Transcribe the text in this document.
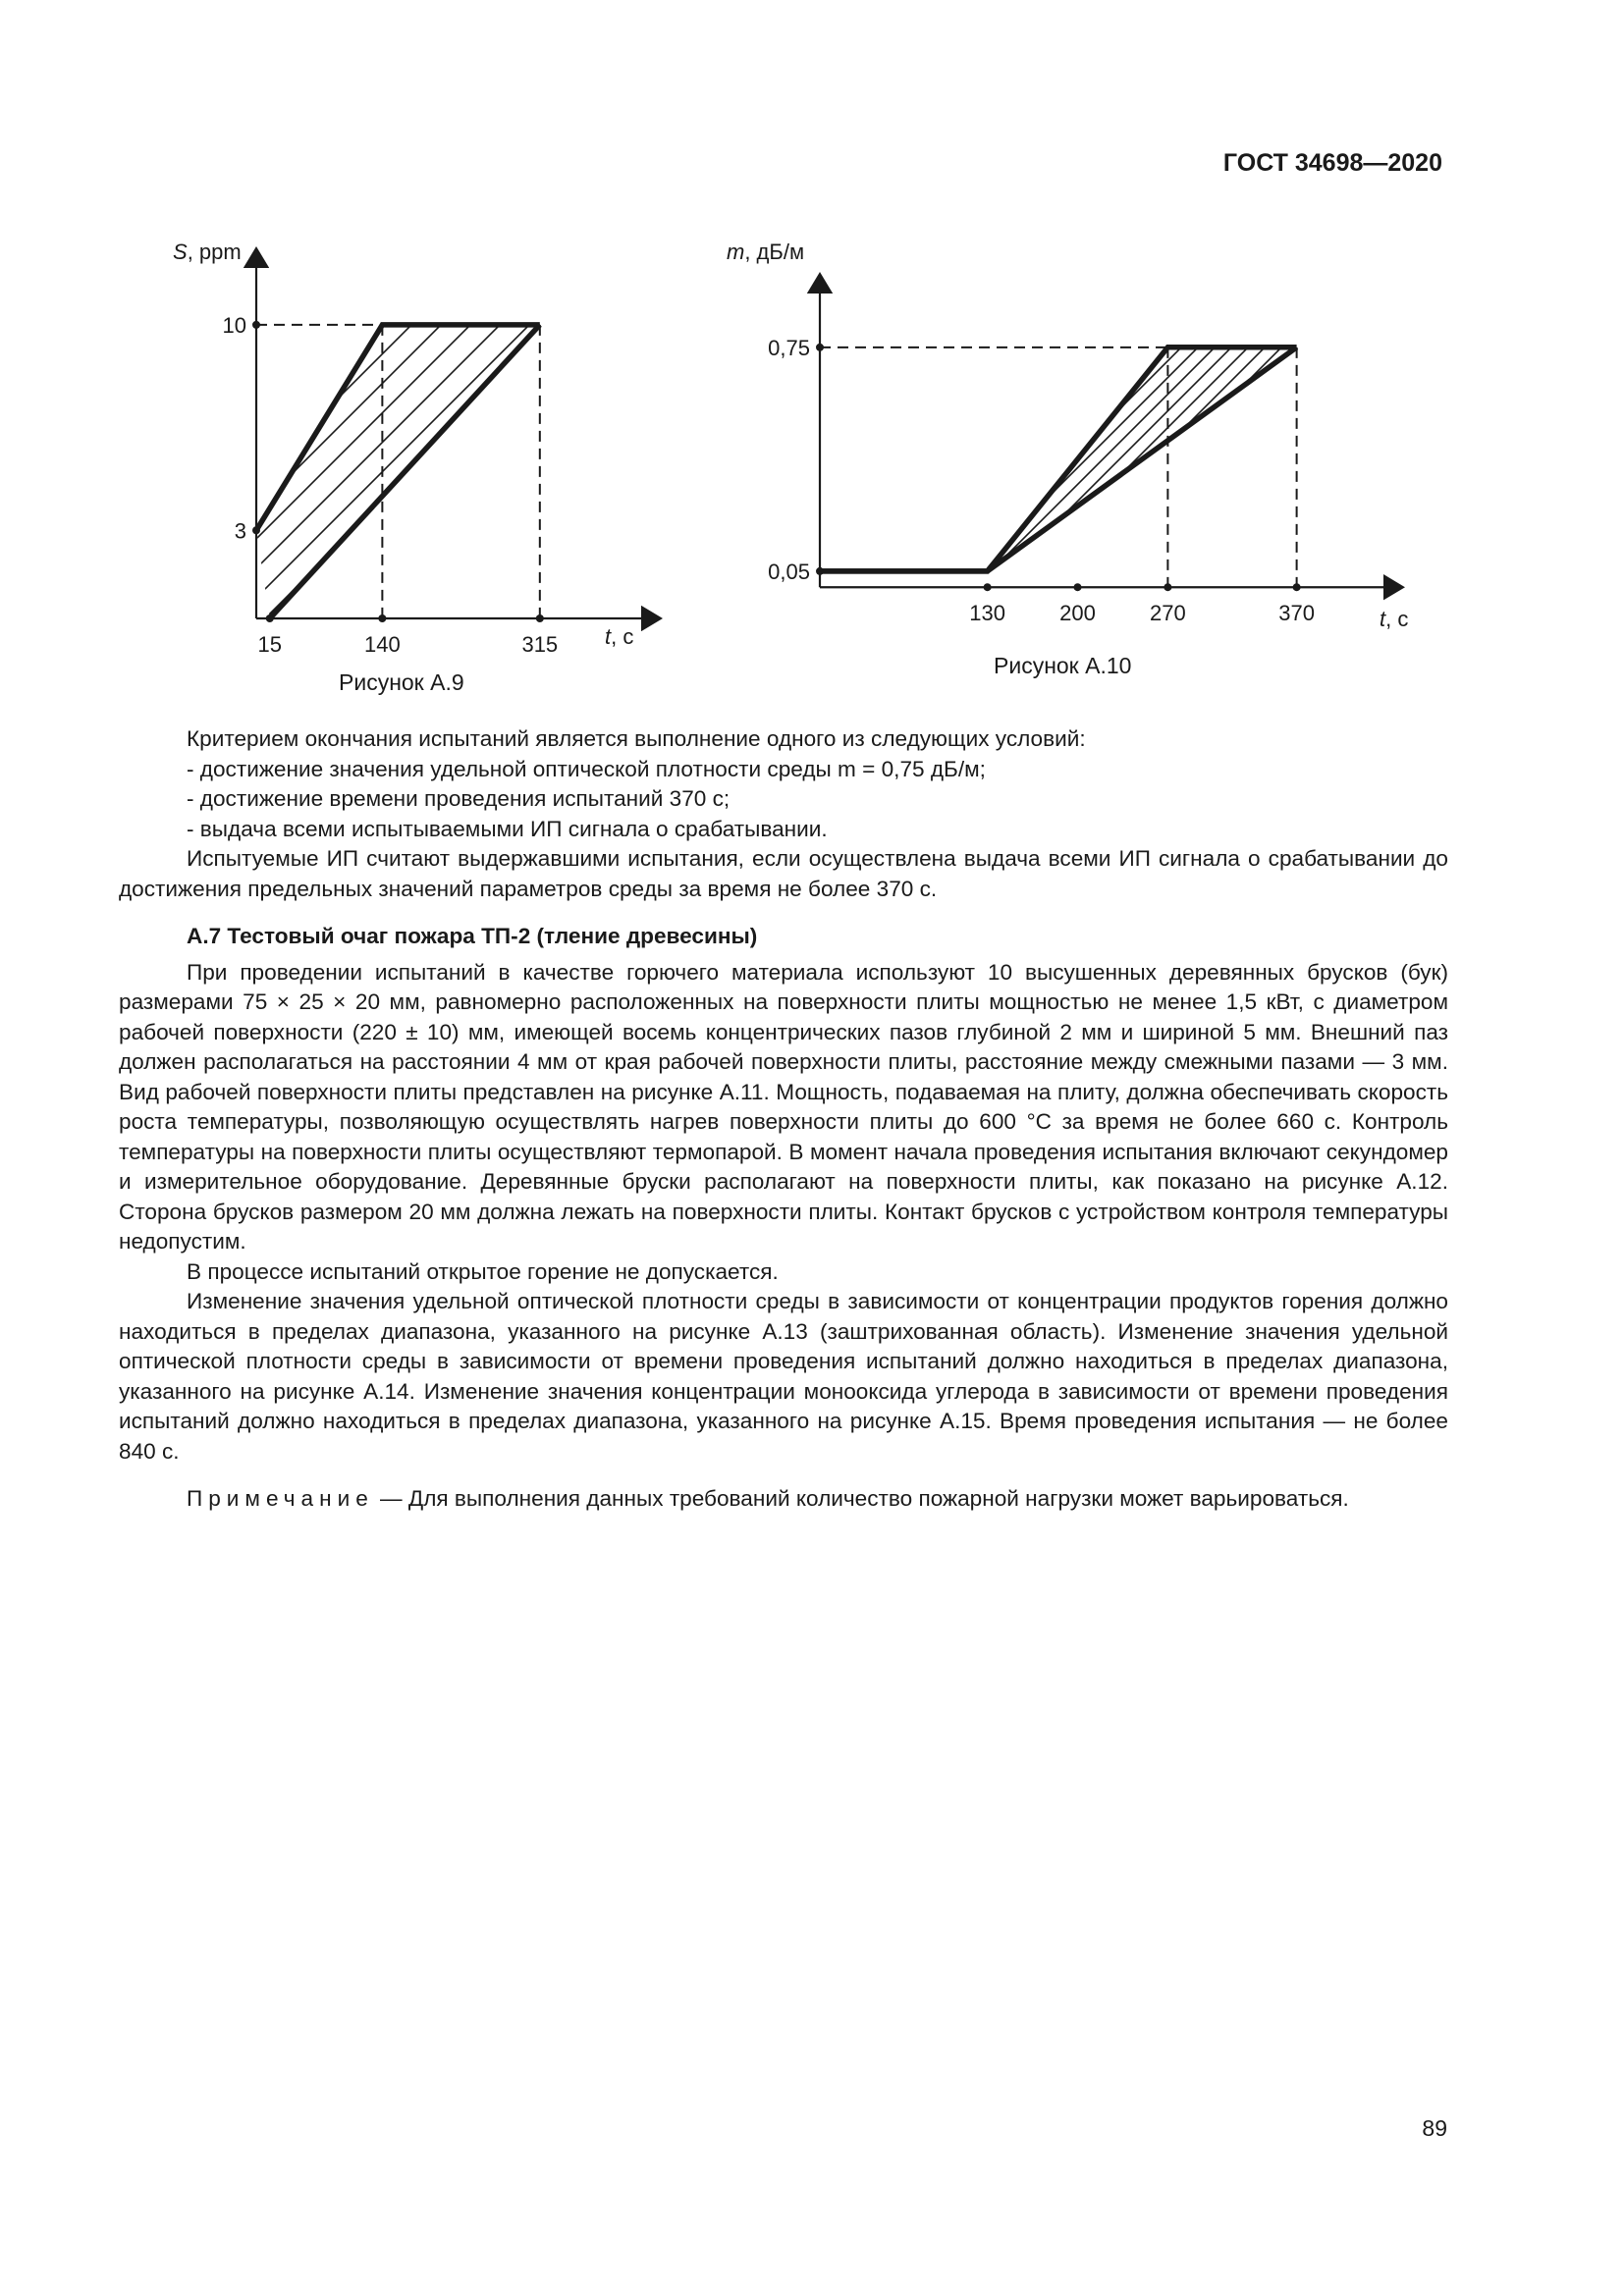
ГОСТ 34698—2020
3
10
15	140	315
S, ppm
t, с
Рисунок А.9
0,05
0,75
130	200	270	370
m, дБ/м
t, с
Рисунок А.10

Критерием окончания испытаний является выполнение одного из следующих условий:

- достижение значения удельной оптической плотности среды m = 0,75 дБ/м;

- достижение времени проведения испытаний 370 с;

- выдача всеми испытываемыми ИП сигнала о срабатывании.

Испытуемые ИП считают выдержавшими испытания, если осуществлена выдача всеми ИП сигнала о срабатывании до достижения предельных значений параметров среды за время не более 370 с.

А.7 Тестовый очаг пожара ТП-2 (тление древесины)

При проведении испытаний в качестве горючего материала используют 10 высушенных деревянных брусков (бук) размерами 75 × 25 × 20 мм, равномерно расположенных на поверхности плиты мощностью не менее 1,5 кВт, с диаметром рабочей поверхности (220 ± 10) мм, имеющей восемь концентрических пазов глубиной 2 мм и шириной 5 мм. Внешний паз должен располагаться на расстоянии 4 мм от края рабочей поверхности плиты, расстояние между смежными пазами — 3 мм. Вид рабочей поверхности плиты представлен на рисунке А.11. Мощность, подаваемая на плиту, должна обеспечивать скорость роста температуры, позволяющую осуществлять нагрев поверхности плиты до 600 °С за время не более 660 с. Контроль температуры на поверхности плиты осуществляют термопарой. В момент начала проведения испытания включают секундомер и измерительное оборудование. Деревянные бруски располагают на поверхности плиты, как показано на рисунке А.12. Сторона брусков размером 20 мм должна лежать на поверхности плиты. Контакт брусков с устройством контроля температуры недопустим.

В процессе испытаний открытое горение не допускается.

Изменение значения удельной оптической плотности среды в зависимости от концентрации продуктов горения должно находиться в пределах диапазона, указанного на рисунке А.13 (заштрихованная область). Изменение значения удельной оптической плотности среды в зависимости от времени проведения испытаний должно находиться в пределах диапазона, указанного на рисунке А.14. Изменение значения концентрации монооксида углерода в зависимости от времени проведения испытаний должно находиться в пределах диапазона, указанного на рисунке А.15. Время проведения испытания — не более 840 с.

Примечание — Для выполнения данных требований количество пожарной нагрузки может варьироваться.

89
